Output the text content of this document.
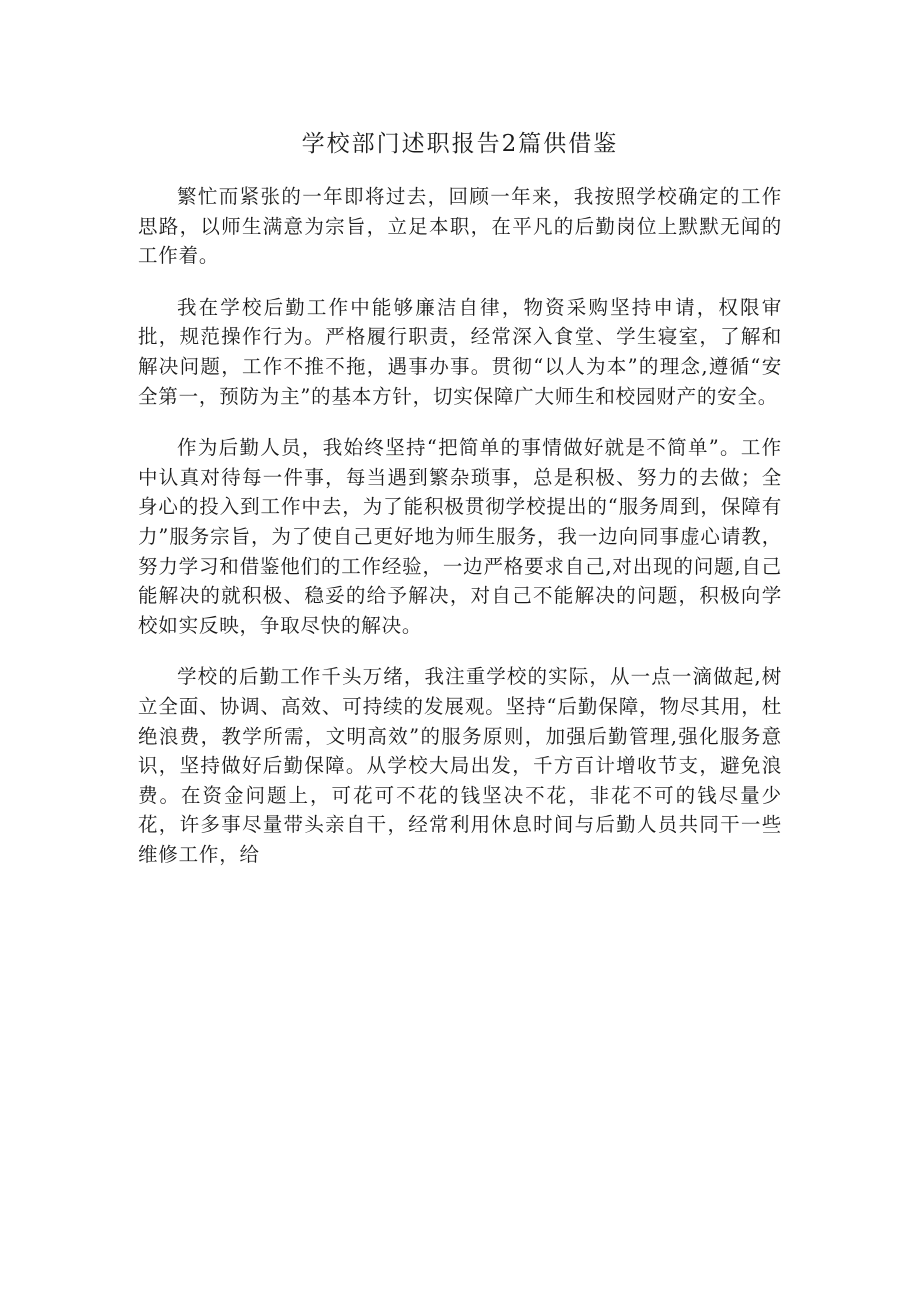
学校部门述职报告2篇供借鉴

繁忙而紧张的一年即将过去，回顾一年来，我按照学校确定的工作思路，以师生满意为宗旨，立足本职，在平凡的后勤岗位上默默无闻的工作着。

我在学校后勤工作中能够廉洁自律，物资采购坚持申请，权限审批，规范操作行为。严格履行职责，经常深入食堂、学生寝室，了解和解决问题，工作不推不拖，遇事办事。贯彻“以人为本”的理念,遵循“安全第一，预防为主”的基本方针，切实保障广大师生和校园财产的安全。

作为后勤人员，我始终坚持“把简单的事情做好就是不简单”。工作中认真对待每一件事，每当遇到繁杂琐事，总是积极、努力的去做；全身心的投入到工作中去，为了能积极贯彻学校提出的“服务周到，保障有力”服务宗旨，为了使自己更好地为师生服务，我一边向同事虚心请教，努力学习和借鉴他们的工作经验，一边严格要求自己,对出现的问题,自己能解决的就积极、稳妥的给予解决，对自己不能解决的问题，积极向学校如实反映，争取尽快的解决。

学校的后勤工作千头万绪，我注重学校的实际，从一点一滴做起,树立全面、协调、高效、可持续的发展观。坚持“后勤保障，物尽其用，杜绝浪费，教学所需，文明高效”的服务原则，加强后勤管理,强化服务意识，坚持做好后勤保障。从学校大局出发，千方百计增收节支，避免浪费。在资金问题上，可花可不花的钱坚决不花，非花不可的钱尽量少花，许多事尽量带头亲自干，经常利用休息时间与后勤人员共同干一些维修工作，给
